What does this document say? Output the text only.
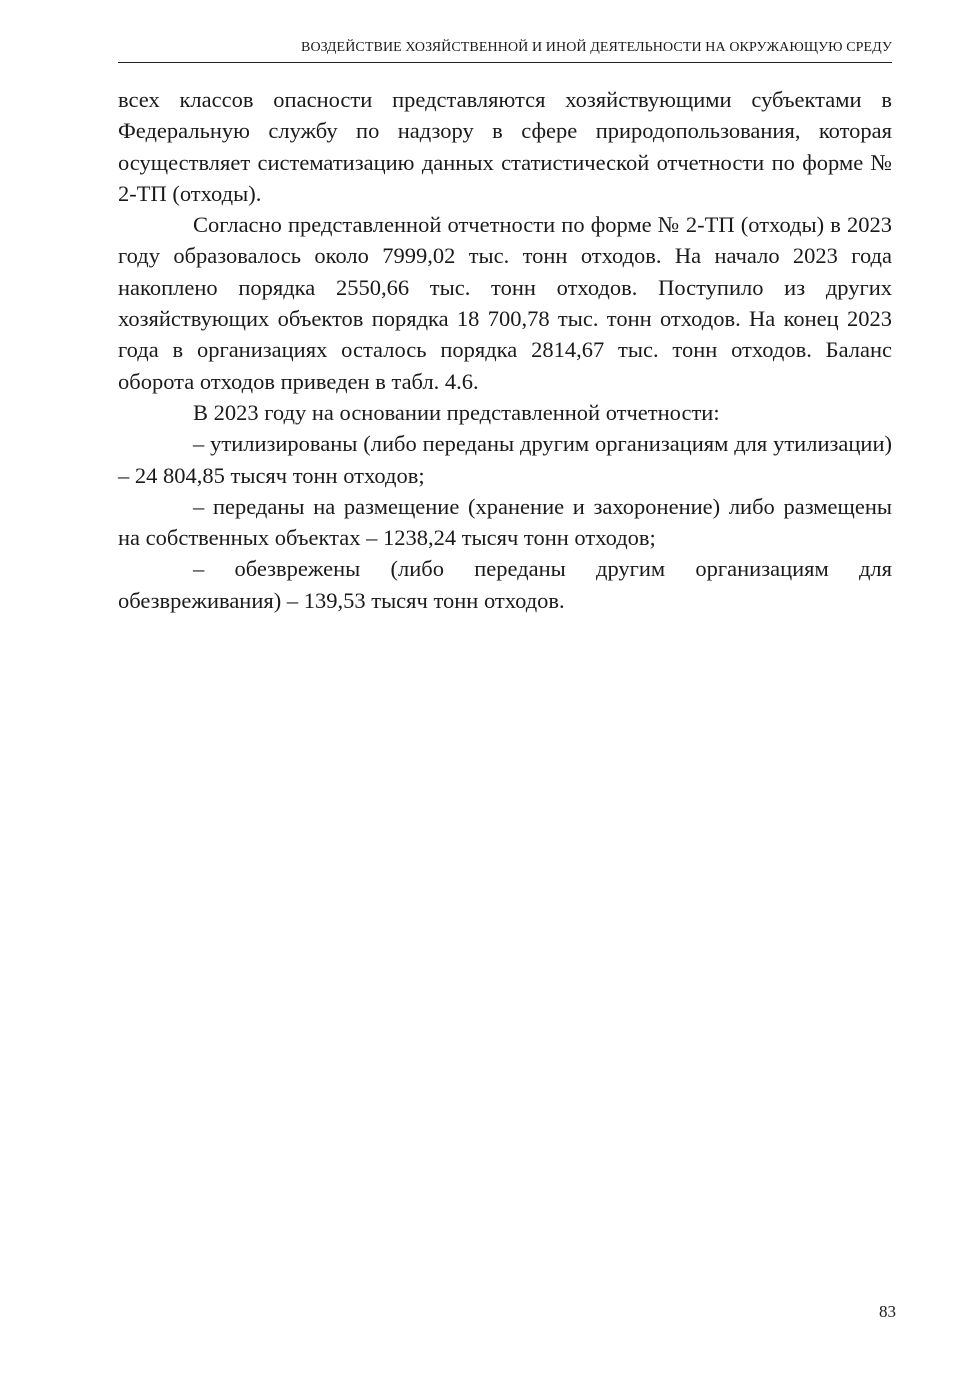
ВОЗДЕЙСТВИЕ ХОЗЯЙСТВЕННОЙ И ИНОЙ ДЕЯТЕЛЬНОСТИ НА ОКРУЖАЮЩУЮ СРЕДУ

всех классов опасности представляются хозяйствующими субъектами в Федеральную службу по надзору в сфере природопользования, которая осуществляет систематизацию данных статистической отчетности по форме № 2-ТП (отходы).

Согласно представленной отчетности по форме № 2-ТП (отходы) в 2023 году образовалось около 7999,02 тыс. тонн отходов. На начало 2023 года накоплено порядка 2550,66 тыс. тонн отходов. Поступило из других хозяйствующих объектов порядка 18 700,78 тыс. тонн отходов. На конец 2023 года в организациях осталось порядка 2814,67 тыс. тонн отходов. Баланс оборота отходов приведен в табл. 4.6.

В 2023 году на основании представленной отчетности:

– утилизированы (либо переданы другим организациям для утилизации) – 24 804,85 тысяч тонн отходов;

– переданы на размещение (хранение и захоронение) либо размещены на собственных объектах – 1238,24 тысяч тонн отходов;

– обезврежены (либо переданы другим организациям для обезвреживания) – 139,53 тысяч тонн отходов.

83
